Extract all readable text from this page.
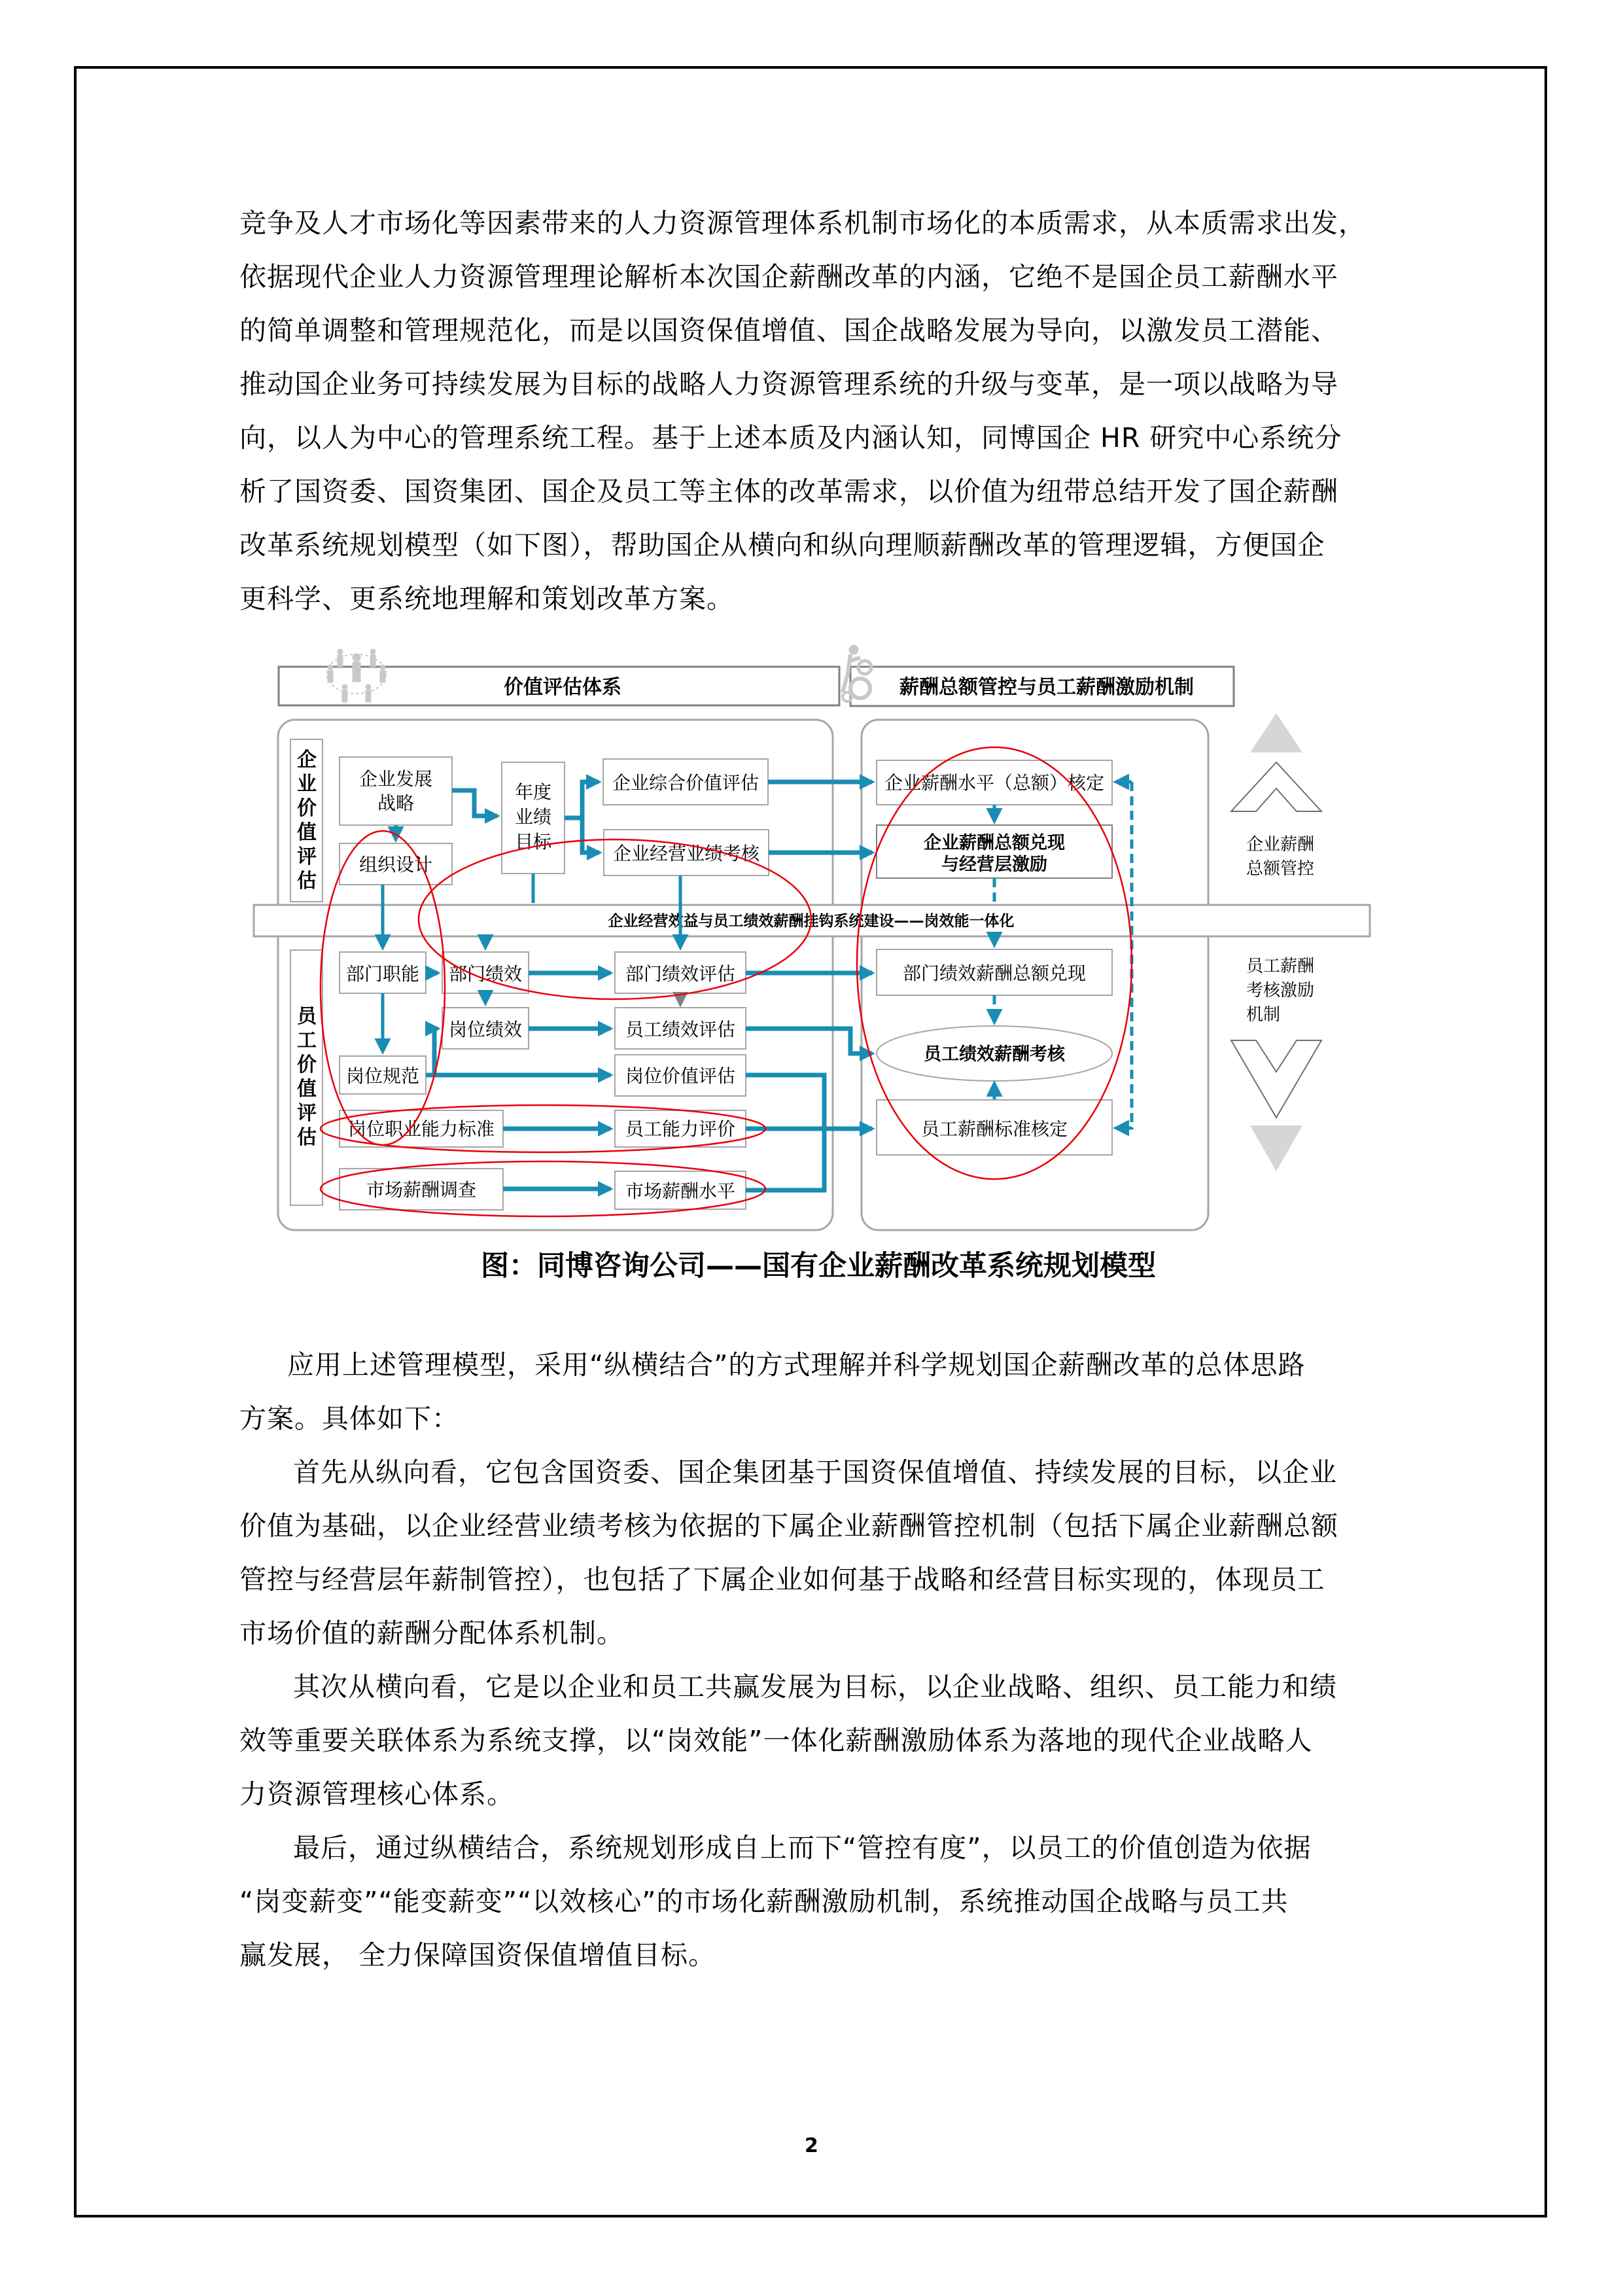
竞争及人才市场化等因素带来的人力资源管理体系机制市场化的本质需求，从本质需求出发，
依据现代企业人力资源管理理论解析本次国企薪酬改革的内涵，它绝不是国企员工薪酬水平
的简单调整和管理规范化，而是以国资保值增值、国企战略发展为导向，以激发员工潜能、
推动国企业务可持续发展为目标的战略人力资源管理系统的升级与变革，是一项以战略为导
向，以人为中心的管理系统工程。基于上述本质及内涵认知，同博国企 HR 研究中心系统分
析了国资委、国资集团、国企及员工等主体的改革需求，以价值为纽带总结开发了国企薪酬
改革系统规划模型（如下图），帮助国企从横向和纵向理顺薪酬改革的管理逻辑，方便国企
更科学、更系统地理解和策划改革方案。
价值评估体系	薪酬总额管控与员工薪酬激励机制
企业发展
战略
组织设计
年度
业绩
目标
企业综合价值评估
企业经营业绩考核
企业经营效益与员工绩效薪酬挂钩系统建设——岗效能一体化
部门职能 部门绩效	部门绩效评估
岗位绩效	员工绩效评估
岗位规范	岗位价值评估
岗位职业能力标准	员工能力评价
市场薪酬调查	市场薪酬水平
企业薪酬水平（总额）核定
企业薪酬总额兑现
与经营层激励
部门绩效薪酬总额兑现
员工绩效薪酬考核
员工薪酬标准核定
企业薪酬
总额管控
员工薪酬
考核激励
机制
企业价值评估
员工价值评估
图：同博咨询公司——国有企业薪酬改革系统规划模型
应用上述管理模型，采用“纵横结合”的方式理解并科学规划国企薪酬改革的总体思路
方案。具体如下：
首先从纵向看，它包含国资委、国企集团基于国资保值增值、持续发展的目标，以企业
价值为基础，以企业经营业绩考核为依据的下属企业薪酬管控机制（包括下属企业薪酬总额
管控与经营层年薪制管控），也包括了下属企业如何基于战略和经营目标实现的，体现员工
市场价值的薪酬分配体系机制。
其次从横向看，它是以企业和员工共赢发展为目标，以企业战略、组织、员工能力和绩
效等重要关联体系为系统支撑，以“岗效能”一体化薪酬激励体系为落地的现代企业战略人
力资源管理核心体系。
最后，通过纵横结合，系统规划形成自上而下“管控有度”，以员工的价值创造为依据
“岗变薪变”“能变薪变”“以效核心”的市场化薪酬激励机制，系统推动国企战略与员工共
赢发展， 全力保障国资保值增值目标。
2
